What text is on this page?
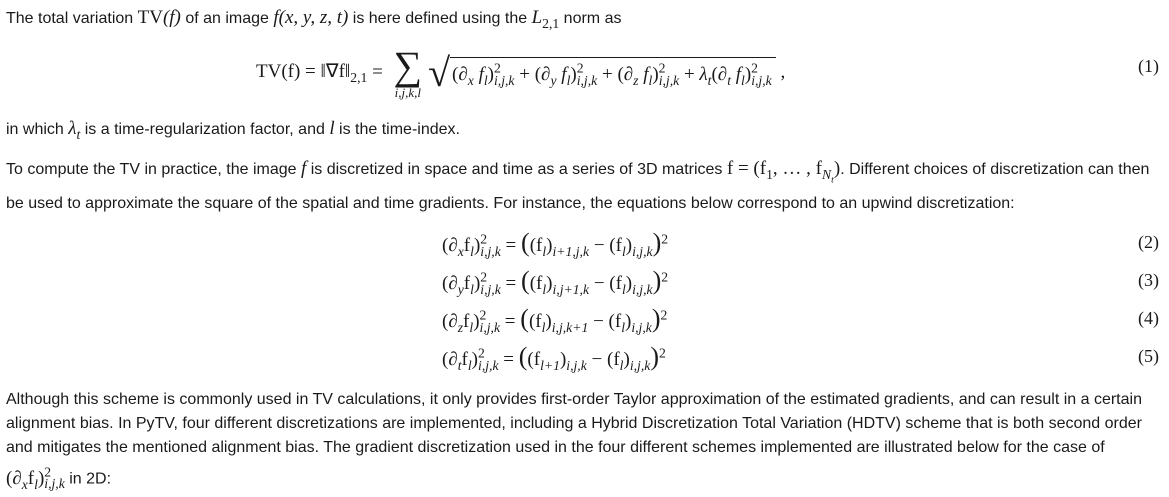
The total variation TV(f) of an image f(x, y, z, t) is here defined using the $L_{2,1}$ norm as

$TV(f) = ‖\nabla f‖_{2,1}$ = ∑
i,j,k,l √ ($\partial_x$ $f_l)^2_{i,j,k} + (\partial_y$ $f_l)^2_{i,j,k} + (\partial_z$ $f_l)^2_{i,j,k} + \lambda_t(\partial_t$ $f_l)^2_{i,j,k}$ ,	(1)

in which $\lambda_t$ is a time-regularization factor, and l is the time-index.

To compute the TV in practice, the image f is discretized in space and time as a series of 3D matrices $f = (f_1$, … , $f_{N_t}$). Different choices of discretization can then be used to approximate the square of the spatial and time gradients. For instance, the equations below correspond to an upwind discretization:

$(\partial_xf_l)^2_{i,j,k} = ((f_l)_{i+1,j,k} - (f_l)_{i,j,k})^2$	(2)
$(\partial_yf_l)^2_{i,j,k} = ((f_l)_{i,j+1,k} - (f_l)_{i,j,k})^2$	(3)
$(\partial_zf_l)^2_{i,j,k} = ((f_l)_{i,j,k+1} - (f_l)_{i,j,k})^2$	(4)
$(\partial_tf_l)^2_{i,j,k} = ((f_{l+1})_{i,j,k} - (f_l)_{i,j,k})^2$	(5)

Although this scheme is commonly used in TV calculations, it only provides first-order Taylor approximation of the estimated gradients, and can result in a certain alignment bias. In PyTV, four different discretizations are implemented, including a Hybrid Discretization Total Variation (HDTV) scheme that is both second order and mitigates the mentioned alignment bias. The gradient discretization used in the four different schemes implemented are illustrated below for the case of $(\partial_xf_l)^2_{i,j,k}$ in 2D:
